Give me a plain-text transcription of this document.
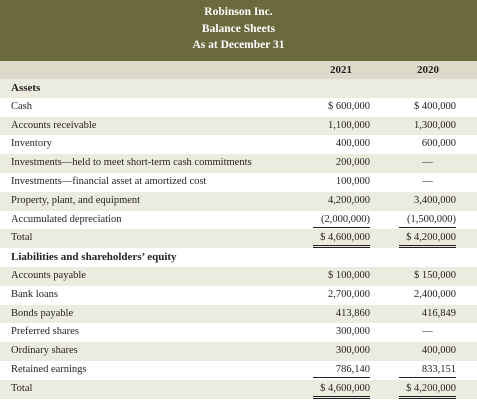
Robinson Inc.
Balance Sheets
As at December 31
2021	2020
Assets
Cash	$ 600,000	$ 400,000
Accounts receivable	1,100,000	1,300,000
Inventory	400,000	600,000
Investments—held to meet short-term cash commitments	200,000	—
Investments—financial asset at amortized cost	100,000	—
Property, plant, and equipment	4,200,000	3,400,000
Accumulated depreciation	(2,000,000)	(1,500,000)
Total	$ 4,600,000	$ 4,200,000
Liabilities and shareholders’ equity
Accounts payable	$ 100,000	$ 150,000
Bank loans	2,700,000	2,400,000
Bonds payable	413,860	416,849
Preferred shares	300,000	—
Ordinary shares	300,000	400,000
Retained earnings	786,140	833,151
Total	$ 4,600,000	$ 4,200,000
